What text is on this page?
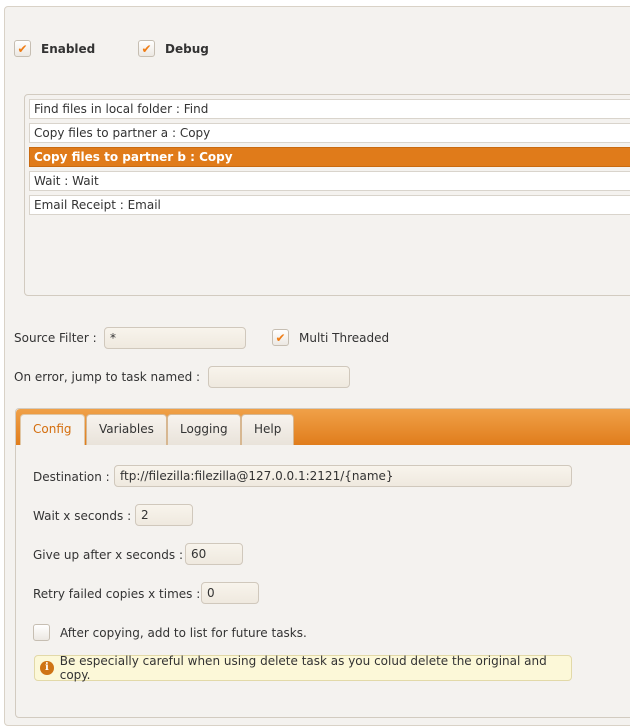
✔ Enabled	✔ Debug
Find files in local folder : Find
Copy files to partner a : Copy
Copy files to partner b : Copy
Wait : Wait
Email Receipt : Email
Source Filter :	*	✔ Multi Threaded
On error, jump to task named :
Config	Variables	Logging	Help
Destination : ftp://filezilla:filezilla@127.0.0.1:2121/{name}
Wait x seconds : 2
Give up after x seconds : 60
Retry failed copies x times : 0
After copying, add to list for future tasks.
i Be especially careful when using delete task as you colud delete the original and copy.
